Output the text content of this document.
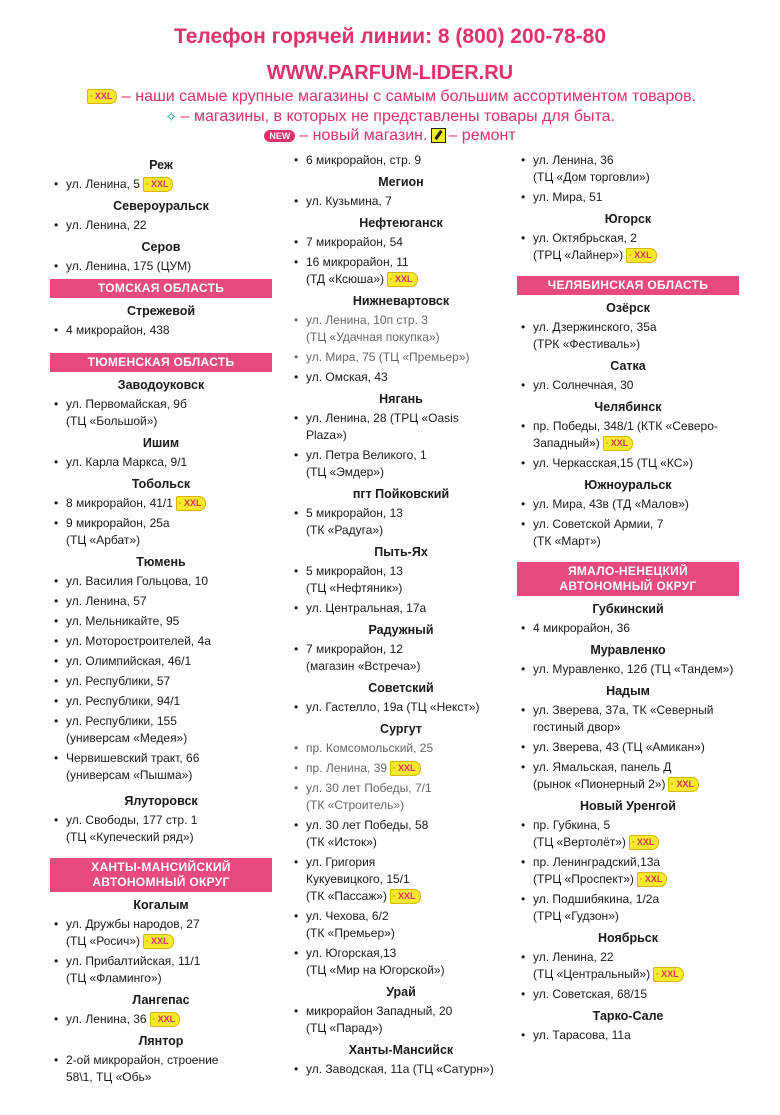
Телефон горячей линии: 8 (800) 200-78-80
WWW.PARFUM-LIDER.RU
XXL – наши самые крупные магазины с самым большим ассортиментом товаров.
✧ – магазины, в которых не представлены товары для быта.
NEW – новый магазин. – ремонт
Реж
• ул. Ленина, 5 XXL
Североуральск
• ул. Ленина, 22
Серов
• ул. Ленина, 175 (ЦУМ)
ТОМСКАЯ ОБЛАСТЬ
Стрежевой
• 4 микрорайон, 438
ТЮМЕНСКАЯ ОБЛАСТЬ
Заводоуковск
• ул. Первомайская, 9б
(ТЦ «Большой»)
Ишим
• ул. Карла Маркса, 9/1
Тобольск
• 8 микрорайон, 41/1 XXL
• 9 микрорайон, 25а
(ТЦ «Арбат»)
Тюмень
• ул. Василия Гольцова, 10
• ул. Ленина, 57
• ул. Мельникайте, 95
• ул. Моторостроителей, 4а
• ул. Олимпийская, 46/1
• ул. Республики, 57
• ул. Республики, 94/1
• ул. Республики, 155
(универсам «Медея»)
• Червишевский тракт, 66
(универсам «Пышма»)
Ялуторовск
• ул. Свободы, 177 стр. 1
(ТЦ «Купеческий ряд»)
ХАНТЫ-МАНСИЙСКИЙ
АВТОНОМНЫЙ ОКРУГ
Когалым
• ул. Дружбы народов, 27
(ТЦ «Росич») XXL
• ул. Прибалтийская, 11/1
(ТЦ «Фламинго»)
Лангепас
• ул. Ленина, 36 XXL
Лянтор
• 2-ой микрорайон, строение
58\1, ТЦ «Обь»
• 6 микрорайон, стр. 9
Мегион
• ул. Кузьмина, 7
Нефтеюганск
• 7 микрорайон, 54
• 16 микрорайон, 11
(ТД «Ксюша») XXL
Нижневартовск
• ул. Ленина, 10п стр. 3
(ТЦ «Удачная покупка»)
• ул. Мира, 75 (ТЦ «Премьер»)
• ул. Омская, 43
Нягань
• ул. Ленина, 28 (ТРЦ «Oasis
Plaza»)
• ул. Петра Великого, 1
(ТЦ «Эмдер»)
пгт Пойковский
• 5 микрорайон, 13
(ТК «Радуга»)
Пыть-Ях
• 5 микрорайон, 13
(ТЦ «Нефтяник»)
• ул. Центральная, 17а
Радужный
• 7 микрорайон, 12
(магазин «Встреча»)
Советский
• ул. Гастелло, 19а (ТЦ «Некст»)
Сургут
• пр. Комсомольский, 25
• пр. Ленина, 39 XXL
• ул. 30 лет Победы, 7/1
(ТК «Строитель»)
• ул. 30 лет Победы, 58
(ТК «Исток»)
• ул. Григория
Кукуевицкого, 15/1
(ТК «Пассаж») XXL
• ул. Чехова, 6/2
(ТК «Премьер»)
• ул. Югорская,13
(ТЦ «Мир на Югорской»)
Урай
• микрорайон Западный, 20
(ТЦ «Парад»)
Ханты-Мансийск
• ул. Заводская, 11а (ТЦ «Сатурн»)
• ул. Ленина, 36
(ТЦ «Дом торговли»)
• ул. Мира, 51
Югорск
• ул. Октябрьская, 2
(ТРЦ «Лайнер») XXL
ЧЕЛЯБИНСКАЯ ОБЛАСТЬ
Озёрск
• ул. Дзержинского, 35а
(ТРК «Фестиваль»)
Сатка
• ул. Солнечная, 30
Челябинск
• пр. Победы, 348/1 (КТК «Северо-
Западный») XXL
• ул. Черкасская,15 (ТЦ «КС»)
Южноуральск
• ул. Мира, 43в (ТД «Малов»)
• ул. Советской Армии, 7
(ТК «Март»)
ЯМАЛО-НЕНЕЦКИЙ
АВТОНОМНЫЙ ОКРУГ
Губкинский
• 4 микрорайон, 36
Муравленко
• ул. Муравленко, 12б (ТЦ «Тандем»)
Надым
• ул. Зверева, 37а, ТК «Северный
гостиный двор»
• ул. Зверева, 43 (ТЦ «Амикан»)
• ул. Ямальская, панель Д
(рынок «Пионерный 2») XXL
Новый Уренгой
• пр. Губкина, 5
(ТЦ «Вертолёт») XXL
• пр. Ленинградский,13а
(ТРЦ «Проспект») XXL
• ул. Подшибякина, 1/2а
(ТРЦ «Гудзон»)
Ноябрьск
• ул. Ленина, 22
(ТЦ «Центральный») XXL
• ул. Советская, 68/15
Тарко-Сале
• ул. Тарасова, 11а
